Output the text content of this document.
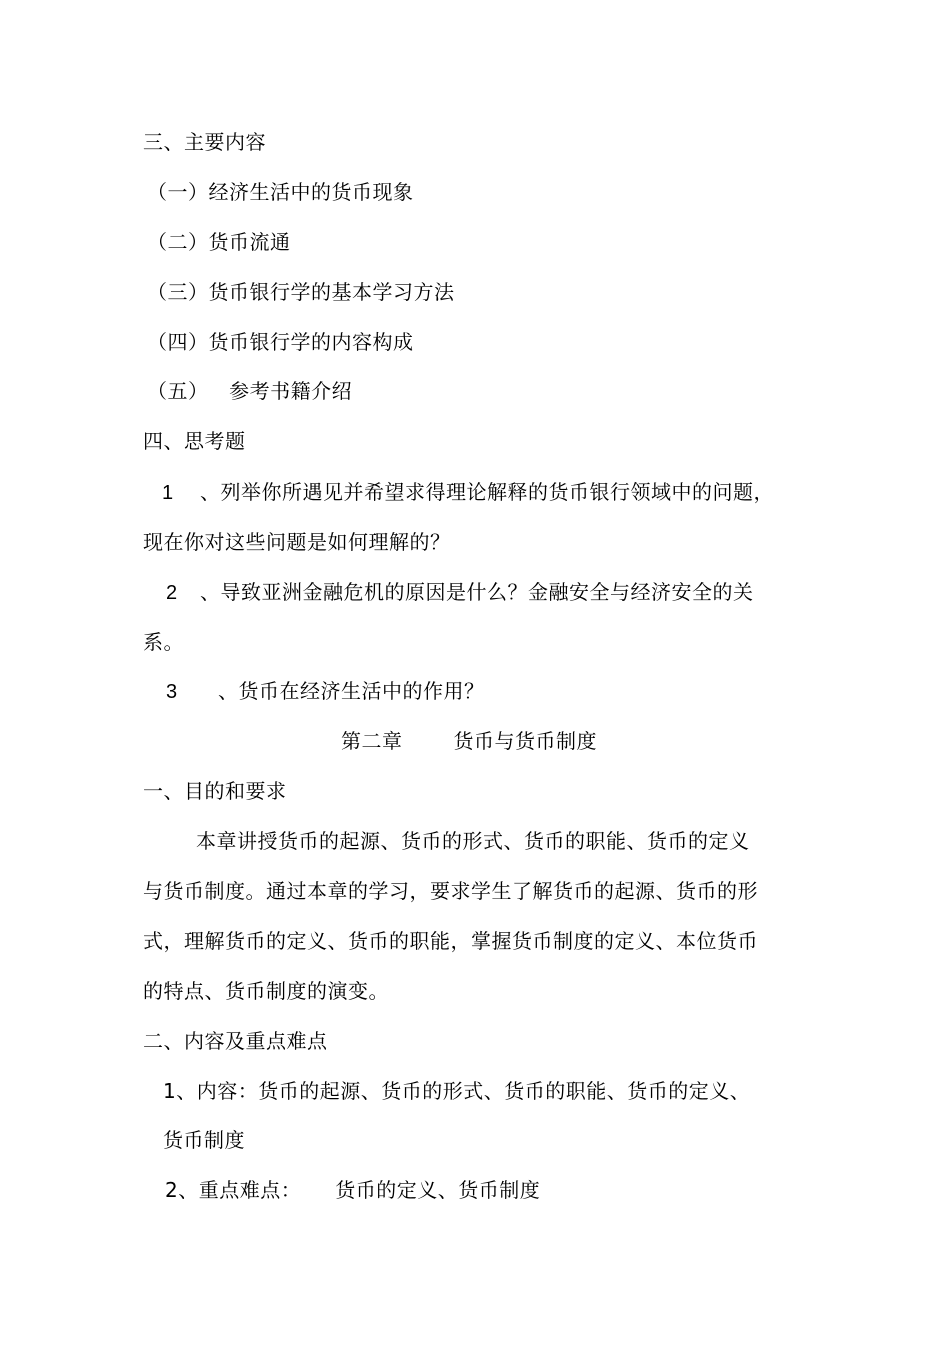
三、主要内容
（一）经济生活中的货币现象
（二）货币流通
（三）货币银行学的基本学习方法
（四）货币银行学的内容构成
（五）   参考书籍介绍
四、思考题
1 、列举你所遇见并希望求得理论解释的货币银行领域中的问题，
现在你对这些问题是如何理解的？
2 、导致亚洲金融危机的原因是什么？金融安全与经济安全的关
系。
3 、货币在经济生活中的作用？
第二章	货币与货币制度
一、目的和要求
本章讲授货币的起源、货币的形式、货币的职能、货币的定义
与货币制度。通过本章的学习，要求学生了解货币的起源、货币的形
式，理解货币的定义、货币的职能，掌握货币制度的定义、本位货币
的特点、货币制度的演变。
二、内容及重点难点
1、内容：货币的起源、货币的形式、货币的职能、货币的定义、
货币制度
2、重点难点： 货币的定义、货币制度
